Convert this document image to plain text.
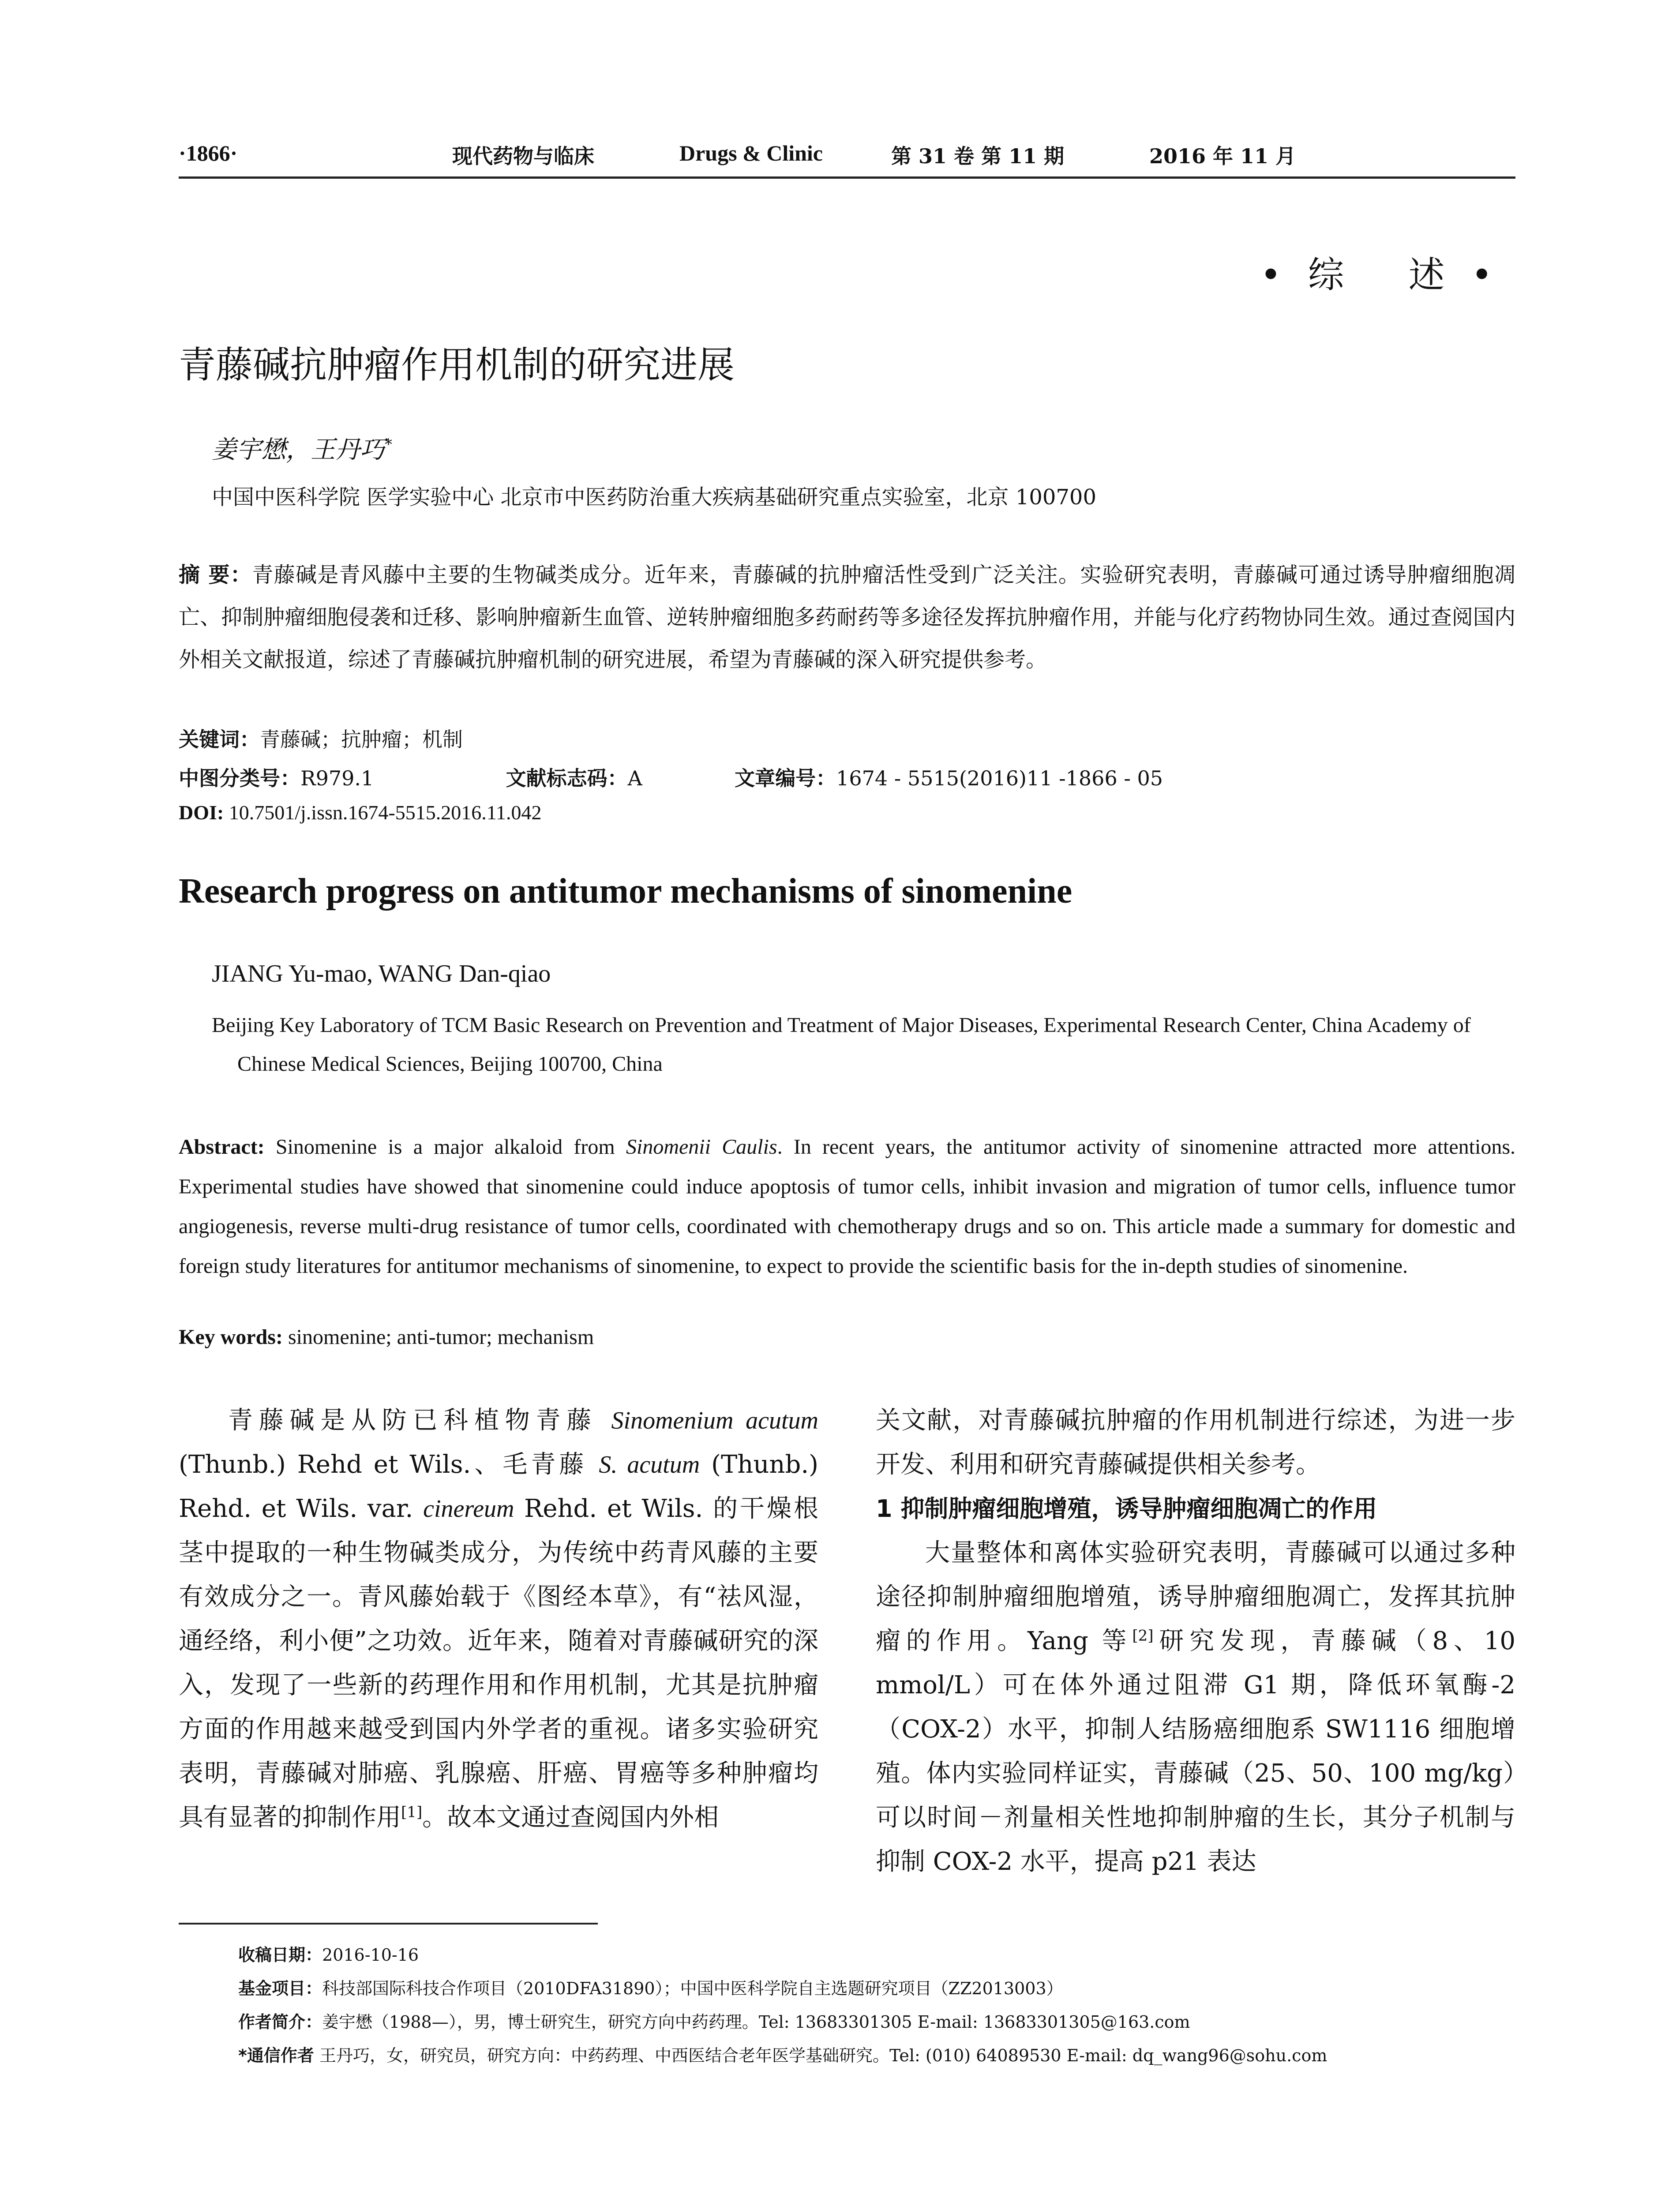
·1866·	现代药物与临床	Drugs & Clinic	第 31 卷 第 11 期	2016 年 11 月
•综 述•
青藤碱抗肿瘤作用机制的研究进展
姜宇懋，王丹巧*
中国中医科学院 医学实验中心 北京市中医药防治重大疾病基础研究重点实验室，北京 100700
摘 要：青藤碱是青风藤中主要的生物碱类成分。近年来，青藤碱的抗肿瘤活性受到广泛关注。实验研究表明，青藤碱可通过诱导肿瘤细胞凋亡、抑制肿瘤细胞侵袭和迁移、影响肿瘤新生血管、逆转肿瘤细胞多药耐药等多途径发挥抗肿瘤作用，并能与化疗药物协同生效。通过查阅国内外相关文献报道，综述了青藤碱抗肿瘤机制的研究进展，希望为青藤碱的深入研究提供参考。
关键词：青藤碱；抗肿瘤；机制
中图分类号：R979.1	文献标志码：A	文章编号：1674 - 5515(2016)11 -1866 - 05
DOI: 10.7501/j.issn.1674-5515.2016.11.042
Research progress on antitumor mechanisms of sinomenine
JIANG Yu-mao, WANG Dan-qiao
Beijing Key Laboratory of TCM Basic Research on Prevention and Treatment of Major Diseases, Experimental Research Center, China Academy of Chinese Medical Sciences, Beijing 100700, China
Abstract: Sinomenine is a major alkaloid from Sinomenii Caulis. In recent years, the antitumor activity of sinomenine attracted more attentions. Experimental studies have showed that sinomenine could induce apoptosis of tumor cells, inhibit invasion and migration of tumor cells, influence tumor angiogenesis, reverse multi-drug resistance of tumor cells, coordinated with chemotherapy drugs and so on. This article made a summary for domestic and foreign study literatures for antitumor mechanisms of sinomenine, to expect to provide the scientific basis for the in-depth studies of sinomenine.
Key words: sinomenine; anti-tumor; mechanism

青藤碱是从防已科植物青藤 Sinomenium acutum (Thunb.) Rehd et Wils.、毛青藤 S. acutum (Thunb.) Rehd. et Wils. var. cinereum Rehd. et Wils. 的干燥根茎中提取的一种生物碱类成分，为传统中药青风藤的主要有效成分之一。青风藤始载于《图经本草》，有“祛风湿，通经络，利小便”之功效。近年来，随着对青藤碱研究的深入，发现了一些新的药理作用和作用机制，尤其是抗肿瘤方面的作用越来越受到国内外学者的重视。诸多实验研究表明，青藤碱对肺癌、乳腺癌、肝癌、胃癌等多种肿瘤均具有显著的抑制作用[1]。故本文通过查阅国内外相

关文献，对青藤碱抗肿瘤的作用机制进行综述，为进一步开发、利用和研究青藤碱提供相关参考。

1 抑制肿瘤细胞增殖，诱导肿瘤细胞凋亡的作用

大量整体和离体实验研究表明，青藤碱可以通过多种途径抑制肿瘤细胞增殖，诱导肿瘤细胞凋亡，发挥其抗肿瘤的作用。Yang 等[2]研究发现，青藤碱（8、10 mmol/L）可在体外通过阻滞 G1 期，降低环氧酶-2（COX-2）水平，抑制人结肠癌细胞系 SW1116 细胞增殖。体内实验同样证实，青藤碱（25、50、100 mg/kg）可以时间－剂量相关性地抑制肿瘤的生长，其分子机制与抑制 COX-2 水平，提高 p21 表达

收稿日期：2016-10-16
基金项目：科技部国际科技合作项目（2010DFA31890）；中国中医科学院自主选题研究项目（ZZ2013003）
作者简介：姜宇懋（1988—），男，博士研究生，研究方向中药药理。Tel: 13683301305 E-mail: 13683301305@163.com
*通信作者 王丹巧，女，研究员，研究方向：中药药理、中西医结合老年医学基础研究。Tel: (010) 64089530 E-mail: dq_wang96@sohu.com
